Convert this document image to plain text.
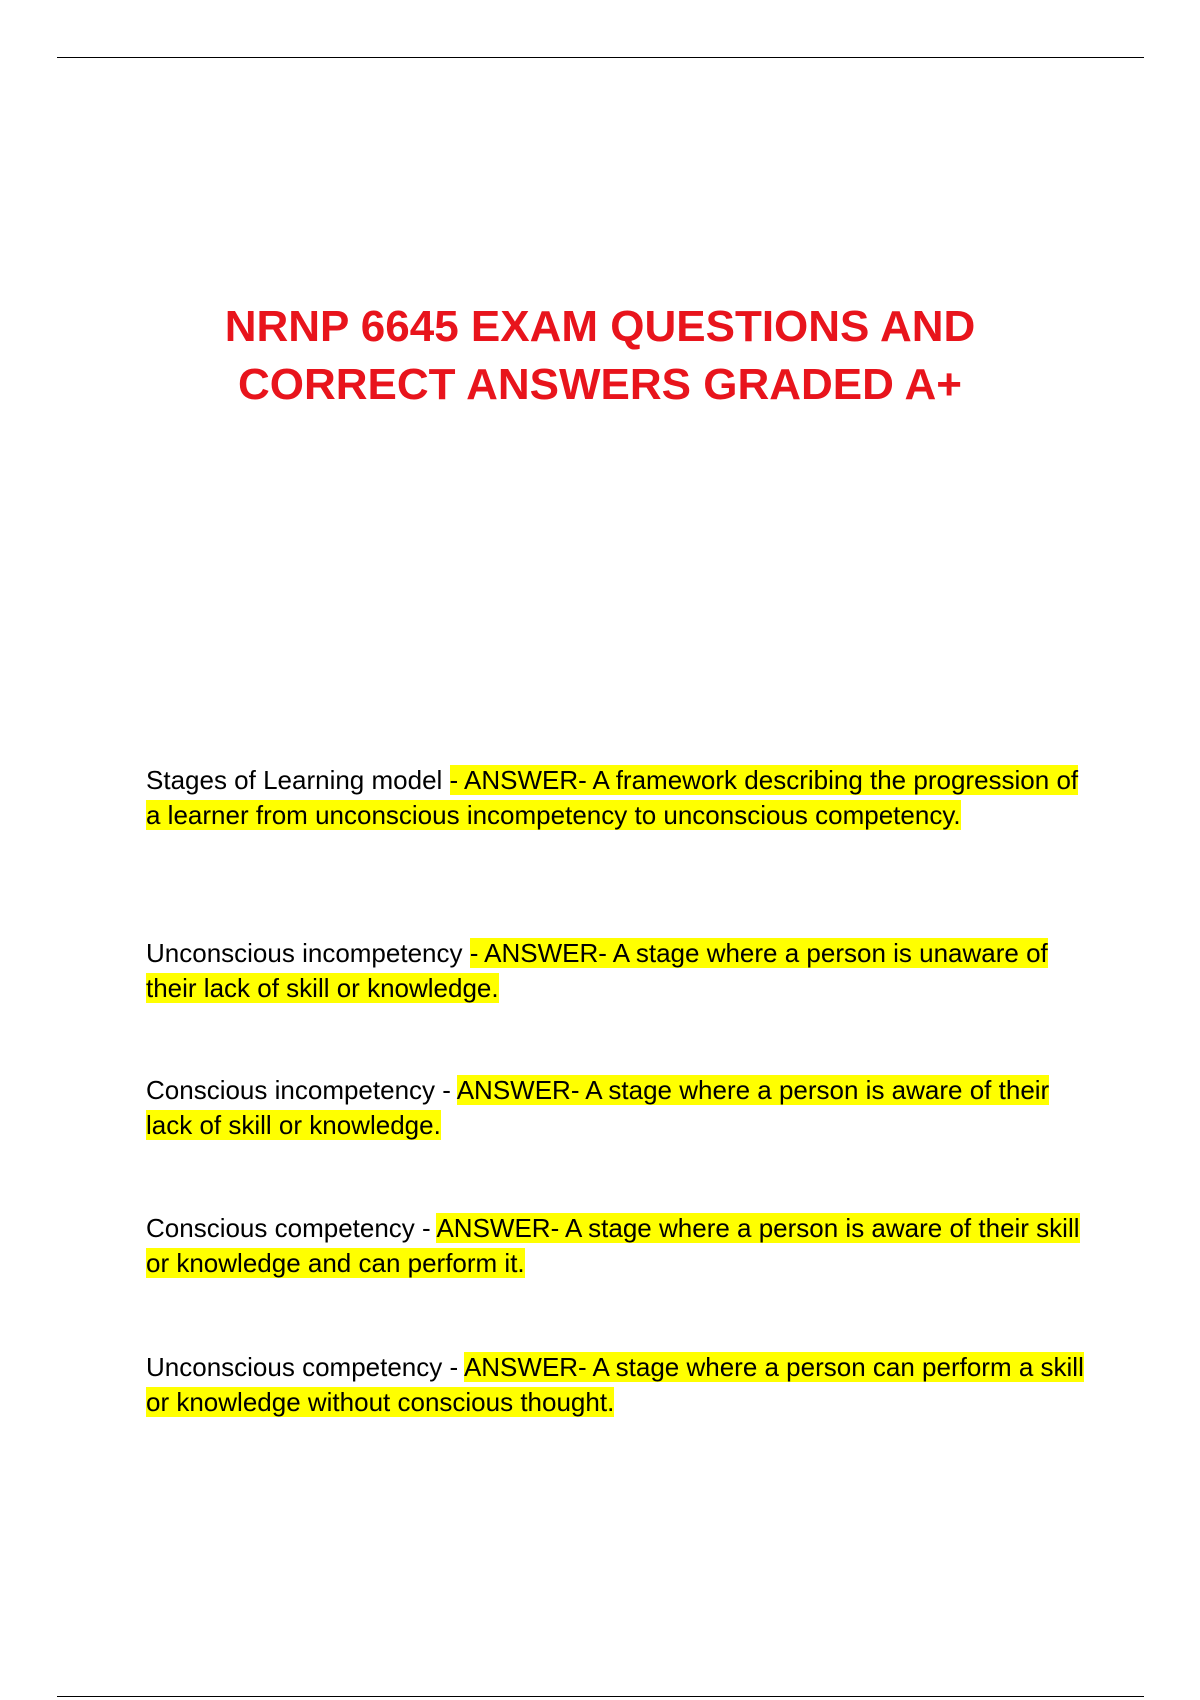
NRNP 6645 EXAM QUESTIONS AND
CORRECT ANSWERS GRADED A+

Stages of Learning model - ANSWER- A framework describing the progression of a learner from unconscious incompetency to unconscious competency.

Unconscious incompetency - ANSWER- A stage where a person is unaware of their lack of skill or knowledge.

Conscious incompetency - ANSWER- A stage where a person is aware of their lack of skill or knowledge.

Conscious competency - ANSWER- A stage where a person is aware of their skill or knowledge and can perform it.

Unconscious competency - ANSWER- A stage where a person can perform a skill or knowledge without conscious thought.
